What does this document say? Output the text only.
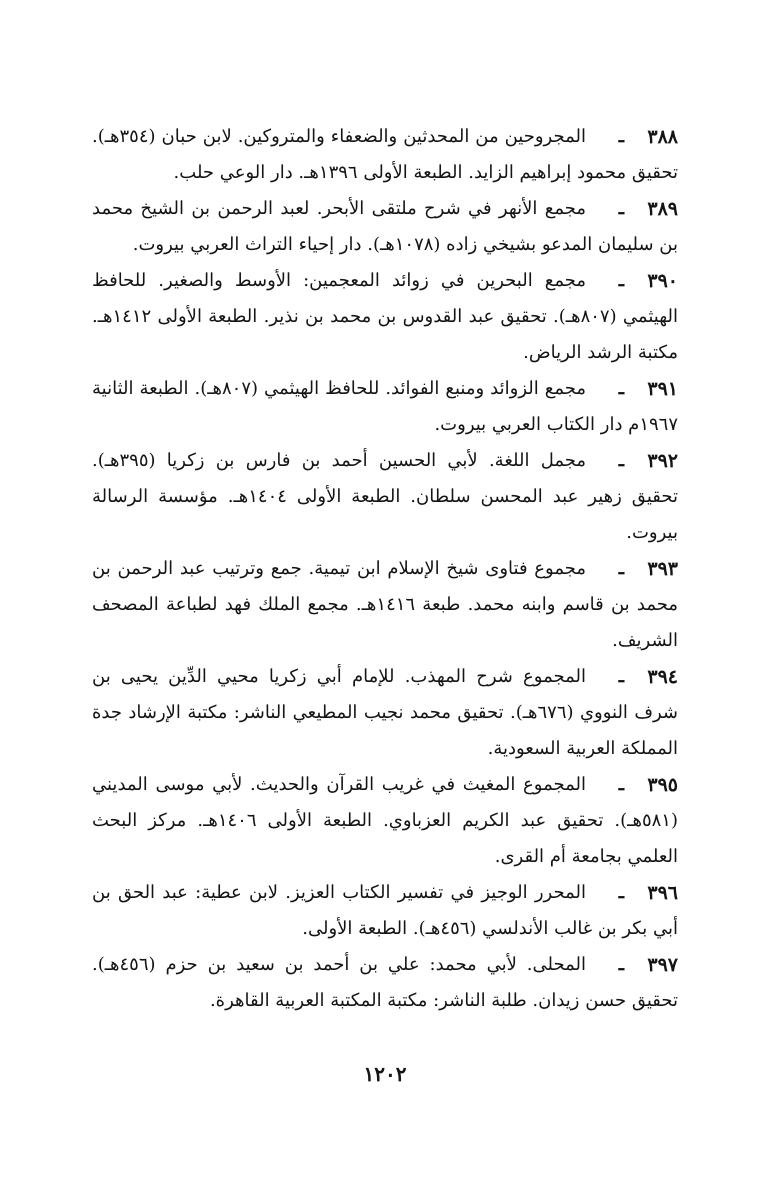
٣٨٨
ـ
المجروحين من المحدثين والضعفاء والمتروكين. لابن حبان (٣٥٤هـ). تحقيق محمود إبراهيم الزايد. الطبعة الأولى ١٣٩٦هـ. دار الوعي حلب.
٣٨٩
ـ
مجمع الأنهر في شرح ملتقى الأبحر. لعبد الرحمن بن الشيخ محمد بن سليمان المدعو بشيخي زاده (١٠٧٨هـ). دار إحياء التراث العربي بيروت.
٣٩٠
ـ
مجمع البحرين في زوائد المعجمين: الأوسط والصغير. للحافظ الهيثمي (٨٠٧هـ). تحقيق عبد القدوس بن محمد بن نذير. الطبعة الأولى ١٤١٢هـ. مكتبة الرشد الرياض.
٣٩١
ـ
مجمع الزوائد ومنبع الفوائد. للحافظ الهيثمي (٨٠٧هـ). الطبعة الثانية ١٩٦٧م دار الكتاب العربي بيروت.
٣٩٢
ـ
مجمل اللغة. لأبي الحسين أحمد بن فارس بن زكريا (٣٩٥هـ). تحقيق زهير عبد المحسن سلطان. الطبعة الأولى ١٤٠٤هـ. مؤسسة الرسالة بيروت.
٣٩٣
ـ
مجموع فتاوى شيخ الإسلام ابن تيمية. جمع وترتيب عبد الرحمن بن محمد بن قاسم وابنه محمد. طبعة ١٤١٦هـ. مجمع الملك فهد لطباعة المصحف الشريف.
٣٩٤
ـ
المجموع شرح المهذب. للإمام أبي زكريا محيي الدِّين يحيى بن شرف النووي (٦٧٦هـ). تحقيق محمد نجيب المطيعي الناشر: مكتبة الإرشاد جدة المملكة العربية السعودية.
٣٩٥
ـ
المجموع المغيث في غريب القرآن والحديث. لأبي موسى المديني (٥٨١هـ). تحقيق عبد الكريم العزباوي. الطبعة الأولى ١٤٠٦هـ. مركز البحث العلمي بجامعة أم القرى.
٣٩٦
ـ
المحرر الوجيز في تفسير الكتاب العزيز. لابن عطية: عبد الحق بن أبي بكر بن غالب الأندلسي (٤٥٦هـ). الطبعة الأولى.
٣٩٧
ـ
المحلى. لأبي محمد: علي بن أحمد بن سعيد بن حزم (٤٥٦هـ). تحقيق حسن زيدان. طلبة الناشر: مكتبة المكتبة العربية القاهرة.
١٢٠٢
